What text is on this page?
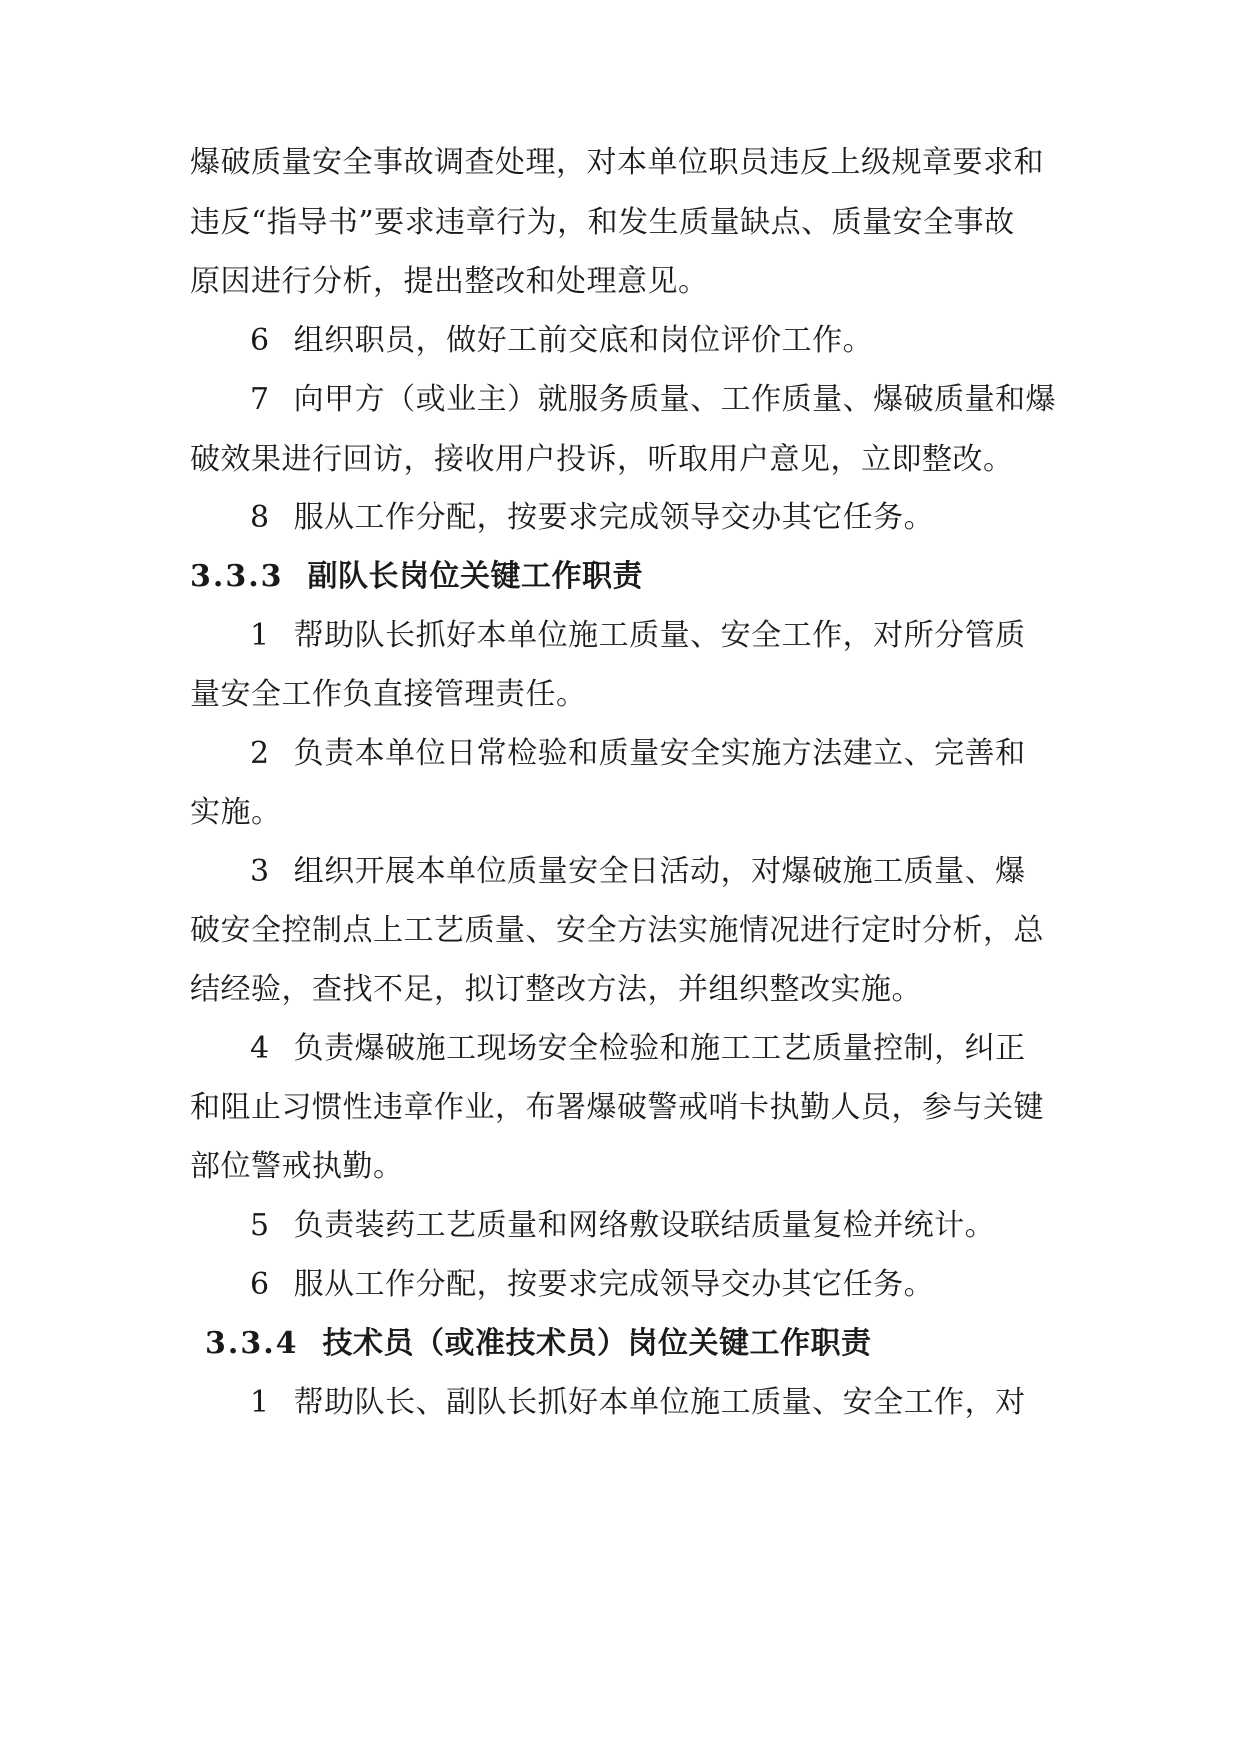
爆破质量安全事故调查处理，对本单位职员违反上级规章要求和
违反“指导书”要求违章行为，和发生质量缺点、质量安全事故
原因进行分析，提出整改和处理意见。
6 组织职员，做好工前交底和岗位评价工作。
7 向甲方（或业主）就服务质量、工作质量、爆破质量和爆
破效果进行回访，接收用户投诉，听取用户意见，立即整改。
8 服从工作分配，按要求完成领导交办其它任务。
3.3.3 副队长岗位关键工作职责
1 帮助队长抓好本单位施工质量、安全工作，对所分管质
量安全工作负直接管理责任。
2 负责本单位日常检验和质量安全实施方法建立、完善和
实施。
3 组织开展本单位质量安全日活动，对爆破施工质量、爆
破安全控制点上工艺质量、安全方法实施情况进行定时分析，总
结经验，查找不足，拟订整改方法，并组织整改实施。
4 负责爆破施工现场安全检验和施工工艺质量控制，纠正
和阻止习惯性违章作业，布署爆破警戒哨卡执勤人员，参与关键
部位警戒执勤。
5 负责装药工艺质量和网络敷设联结质量复检并统计。
6 服从工作分配，按要求完成领导交办其它任务。
3.3.4 技术员（或准技术员）岗位关键工作职责
1 帮助队长、副队长抓好本单位施工质量、安全工作，对
